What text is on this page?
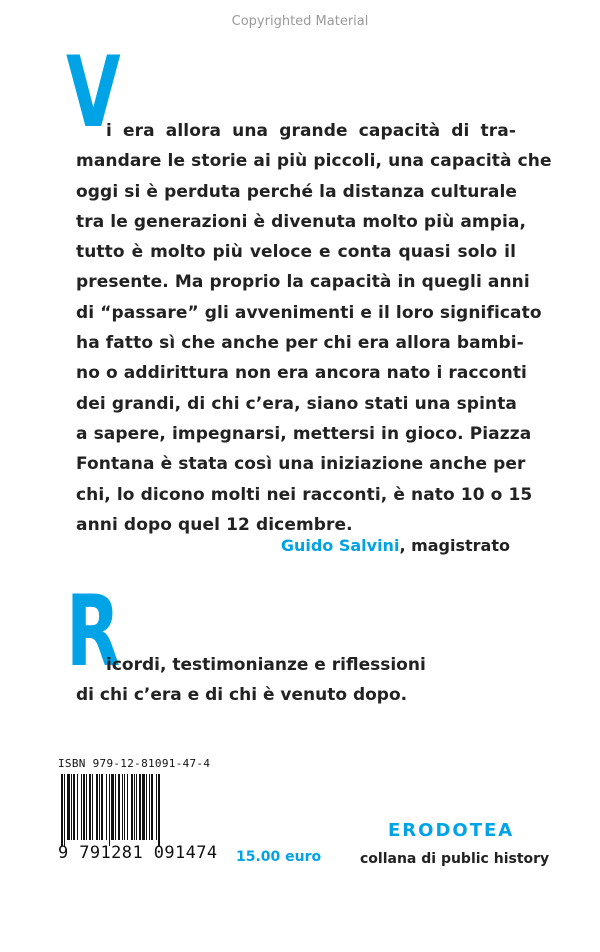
Copyrighted Material
V
i era allora una grande capacità di tra-
mandare le storie ai più piccoli, una capacità che
oggi si è perduta perché la distanza culturale
tra le generazioni è divenuta molto più ampia,
tutto è molto più veloce e conta quasi solo il
presente. Ma proprio la capacità in quegli anni
di “passare” gli avvenimenti e il loro significato
ha fatto sì che anche per chi era allora bambi-
no o addirittura non era ancora nato i racconti
dei grandi, di chi c’era, siano stati una spinta
a sapere, impegnarsi, mettersi in gioco. Piazza
Fontana è stata così una iniziazione anche per
chi, lo dicono molti nei racconti, è nato 10 o 15
anni dopo quel 12 dicembre.
Guido Salvini, magistrato
R
icordi, testimonianze e riflessioni
di chi c’era e di chi è venuto dopo.
ISBN 979-12-81091-47-4
9 791281 091474 15.00 euro
ERODOTEA
collana di public history
